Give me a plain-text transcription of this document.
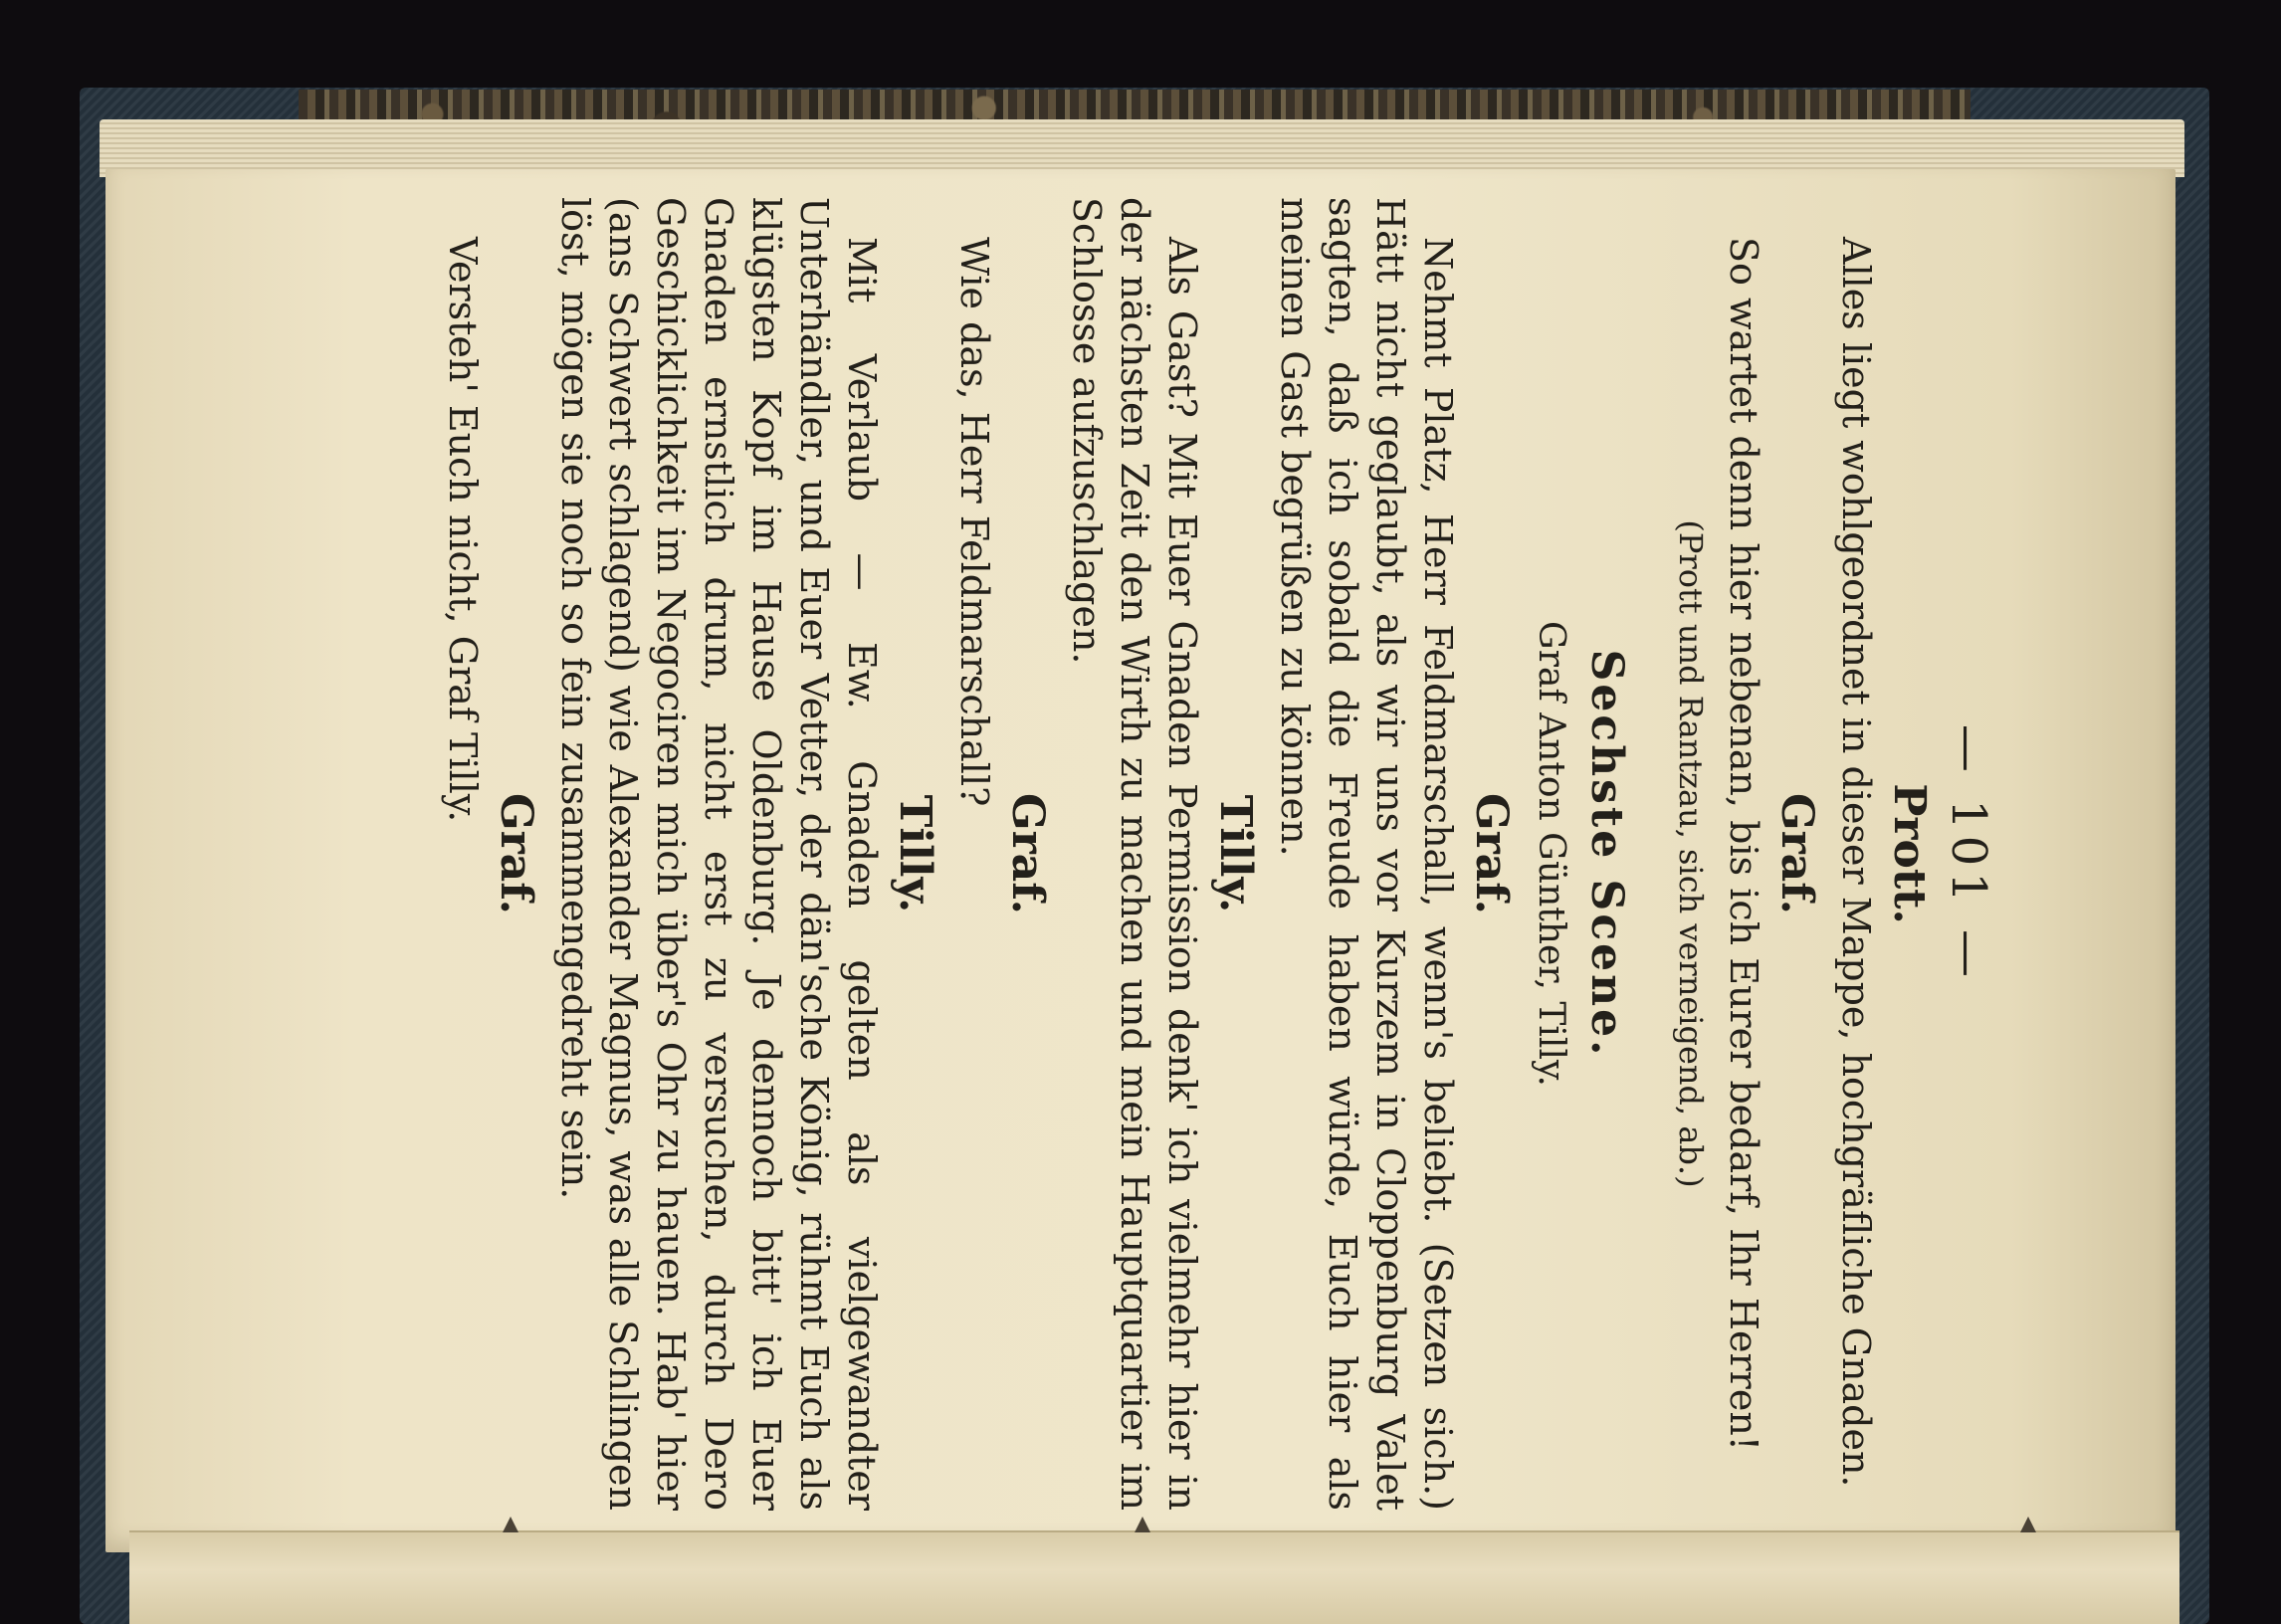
— 101 —
Prott.

Alles liegt wohlgeordnet in dieser Mappe, hochgräfliche Gnaden.

Graf.

So wartet denn hier nebenan, bis ich Eurer bedarf, Ihr Herren!

(Prott und Rantzau, sich verneigend, ab.)
Sechste Scene.
Graf Anton Günther, Tilly.
Graf.

Nehmt Platz, Herr Feldmarschall, wenn's beliebt. (Setzen sich.) Hätt nicht geglaubt, als wir uns vor Kurzem in Cloppenburg Valet sagten, daß ich sobald die Freude haben würde, Euch hier als meinen Gast begrüßen zu können.

Tilly.

Als Gast? Mit Euer Gnaden Permission denk' ich vielmehr hier in der nächsten Zeit den Wirth zu machen und mein Hauptquartier im Schlosse aufzuschlagen.

Graf.

Wie das, Herr Feldmarschall?

Tilly.

Mit Verlaub — Ew. Gnaden gelten als vielgewandter Unterhändler, und Euer Vetter, der dän'sche König, rühmt Euch als klügsten Kopf im Hause Oldenburg. Je dennoch bitt' ich Euer Gnaden ernstlich drum, nicht erst zu versuchen, durch Dero Geschicklichkeit im Negociren mich über's Ohr zu hauen. Hab' hier (ans Schwert schlagend) wie Alexander Magnus, was alle Schlingen löst, mögen sie noch so fein zusammengedreht sein.

Graf.

Versteh' Euch nicht, Graf Tilly.
